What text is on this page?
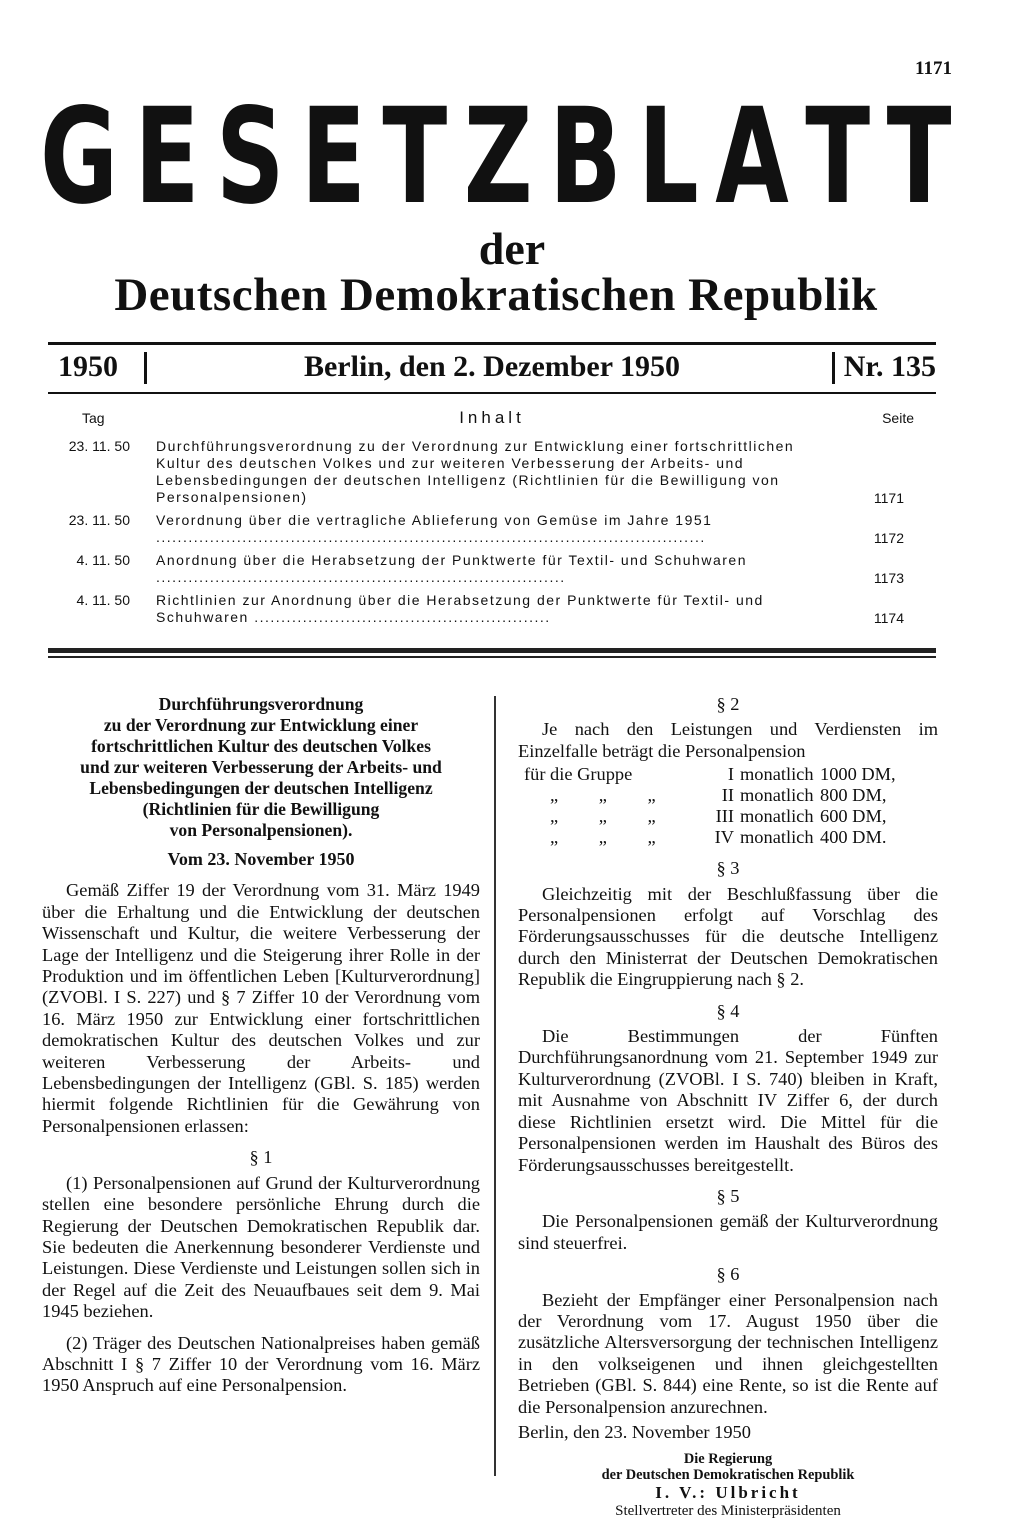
1171
G E S E T Z B L A T T
der
Deutschen Demokratischen Republik
1950	Berlin, den 2. Dezember 1950	Nr. 135
Tag	Inhalt	Seite
23. 11. 50 Durchführungsverordnung zu der Verordnung zur Entwicklung einer fortschrittlichen Kultur des deutschen Volkes und zur weiteren Verbesserung der Arbeits- und Lebensbedingungen der deutschen Intelligenz (Richtlinien für die Bewilligung von Personalpensionen)	1171
23. 11. 50 Verordnung über die vertragliche Ablieferung von Gemüse im Jahre 1951 ......................................................................................................	1172
4. 11. 50 Anordnung über die Herabsetzung der Punktwerte für Textil- und Schuhwaren ............................................................................	1173
4. 11. 50 Richtlinien zur Anordnung über die Herabsetzung der Punktwerte für Textil- und Schuhwaren .......................................................	1174
Durchführungsverordnung
zu der Verordnung zur Entwicklung einer
fortschrittlichen Kultur des deutschen Volkes
und zur weiteren Verbesserung der Arbeits- und
Lebensbedingungen der deutschen Intelligenz
(Richtlinien für die Bewilligung
von Personalpensionen).
Vom 23. November 1950

Gemäß Ziffer 19 der Verordnung vom 31. März 1949 über die Erhaltung und die Entwicklung der deutschen Wissenschaft und Kultur, die weitere Verbesserung der Lage der Intelligenz und die Steigerung ihrer Rolle in der Produktion und im öffentlichen Leben [Kulturverordnung] (ZVOBl. I S. 227) und § 7 Ziffer 10 der Verordnung vom 16. März 1950 zur Entwicklung einer fortschrittlichen demokratischen Kultur des deutschen Volkes und zur weiteren Verbesserung der Arbeits- und Lebensbedingungen der Intelligenz (GBl. S. 185) werden hiermit folgende Richtlinien für die Gewährung von Personalpensionen erlassen:

§ 1

(1) Personalpensionen auf Grund der Kulturverordnung stellen eine besondere persönliche Ehrung durch die Regierung der Deutschen Demokratischen Republik dar. Sie bedeuten die Anerkennung besonderer Verdienste und Leistungen. Diese Verdienste und Leistungen sollen sich in der Regel auf die Zeit des Neuaufbaues seit dem 9. Mai 1945 beziehen.

(2) Träger des Deutschen Nationalpreises haben gemäß Abschnitt I § 7 Ziffer 10 der Verordnung vom 16. März 1950 Anspruch auf eine Personalpension.

§ 2

Je nach den Leistungen und Verdiensten im Einzelfalle beträgt die Personalpension

für die Gruppe	I monatlich 1000 DM,
„ „ „	II monatlich 800 DM,
„ „ „	III monatlich 600 DM,
„ „ „	IV monatlich 400 DM.
§ 3

Gleichzeitig mit der Beschlußfassung über die Personalpensionen erfolgt auf Vorschlag des Förderungsausschusses für die deutsche Intelligenz durch den Ministerrat der Deutschen Demokratischen Republik die Eingruppierung nach § 2.

§ 4

Die Bestimmungen der Fünften Durchführungsanordnung vom 21. September 1949 zur Kulturverordnung (ZVOBl. I S. 740) bleiben in Kraft, mit Ausnahme von Abschnitt IV Ziffer 6, der durch diese Richtlinien ersetzt wird. Die Mittel für die Personalpensionen werden im Haushalt des Büros des Förderungsausschusses bereitgestellt.

§ 5

Die Personalpensionen gemäß der Kulturverordnung sind steuerfrei.

§ 6

Bezieht der Empfänger einer Personalpension nach der Verordnung vom 17. August 1950 über die zusätzliche Altersversorgung der technischen Intelligenz in den volkseigenen und ihnen gleichgestellten Betrieben (GBl. S. 844) eine Rente, so ist die Rente auf die Personalpension anzurechnen.

Berlin, den 23. November 1950

Die Regierung
der Deutschen Demokratischen Republik
I. V.: Ulbricht
Stellvertreter des Ministerpräsidenten
